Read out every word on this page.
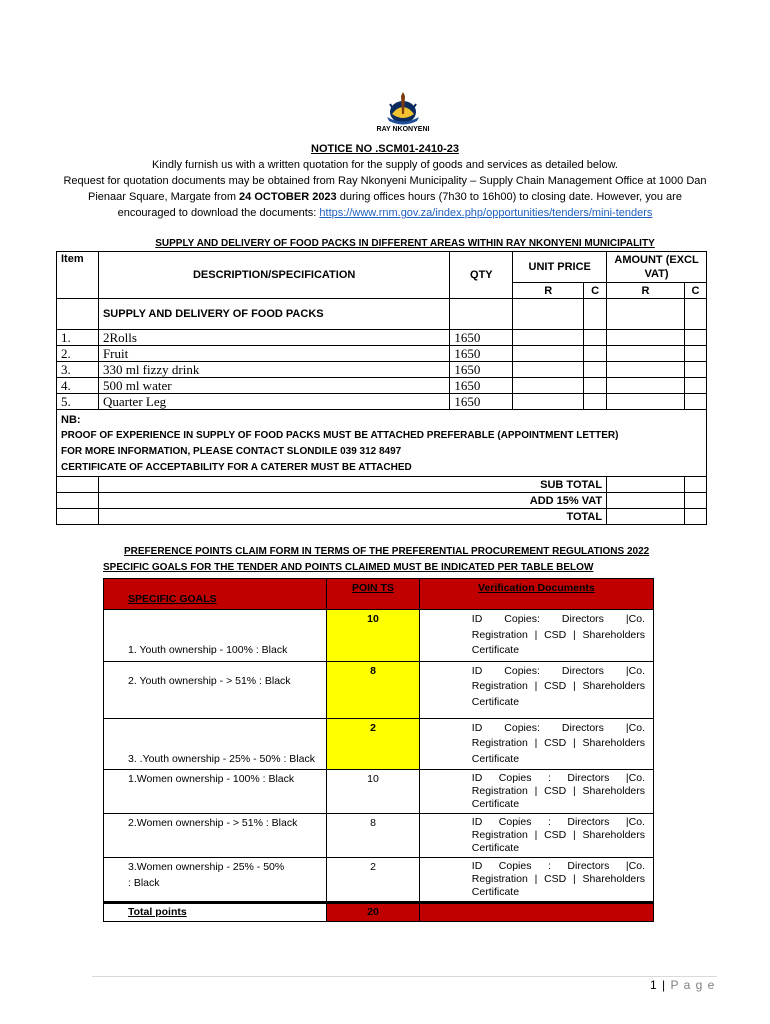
RAY NKONYENI
NOTICE NO .SCM01-2410-23
Kindly furnish us with a written quotation for the supply of goods and services as detailed below.
Request for quotation documents may be obtained from Ray Nkonyeni Municipality – Supply Chain Management Office at 1000 Dan
Pienaar Square, Margate from 24 OCTOBER 2023 during offices hours (7h30 to 16h00) to closing date. However, you are
encouraged to download the documents: https://www.rnm.gov.za/index.php/opportunities/tenders/mini-tenders
SUPPLY AND DELIVERY OF FOOD PACKS IN DIFFERENT AREAS WITHIN RAY NKONYENI MUNICIPALITY
Item	DESCRIPTION/SPECIFICATION	QTY	UNIT PRICE		AMOUNT (EXCL VAT)	
			R	C	R	C
	SUPPLY AND DELIVERY OF FOOD PACKS					
1.	2Rolls	1650				
2.	Fruit	1650				
3.	330 ml fizzy drink	1650				
4.	500 ml water	1650				
5.	Quarter Leg	1650				

NB:
PROOF OF EXPERIENCE IN SUPPLY OF FOOD PACKS MUST BE ATTACHED PREFERABLE (APPOINTMENT LETTER)
FOR MORE INFORMATION, PLEASE CONTACT SLONDILE 039 312 8497
CERTIFICATE OF ACCEPTABILITY FOR A CATERER MUST BE ATTACHED						

	SUB TOTAL					
	ADD 15% VAT					
	TOTAL					
PREFERENCE POINTS CLAIM FORM IN TERMS OF THE PREFERENTIAL PROCUREMENT REGULATIONS 2022
SPECIFIC GOALS FOR THE TENDER AND POINTS CLAIMED MUST BE INDICATED PER TABLE BELOW
SPECIFIC GOALS	POIN TS	Verification Documents
1. Youth ownership - 100% : Black	10	ID Copies: Directors |Co. Registration | CSD | Shareholders Certificate
2. Youth ownership - > 51% : Black	8	ID Copies: Directors |Co. Registration | CSD | Shareholders Certificate
3. .Youth ownership - 25% - 50% : Black	2	ID Copies: Directors |Co. Registration | CSD | Shareholders Certificate
1.Women ownership - 100% : Black	10	ID Copies : Directors |Co. Registration | CSD | Shareholders Certificate
2.Women ownership - > 51% : Black	8	ID Copies : Directors |Co. Registration | CSD | Shareholders Certificate
3.Women ownership - 25% - 50% : Black	2	ID Copies : Directors |Co. Registration | CSD | Shareholders Certificate
Total points	20	
1 | P a g e
